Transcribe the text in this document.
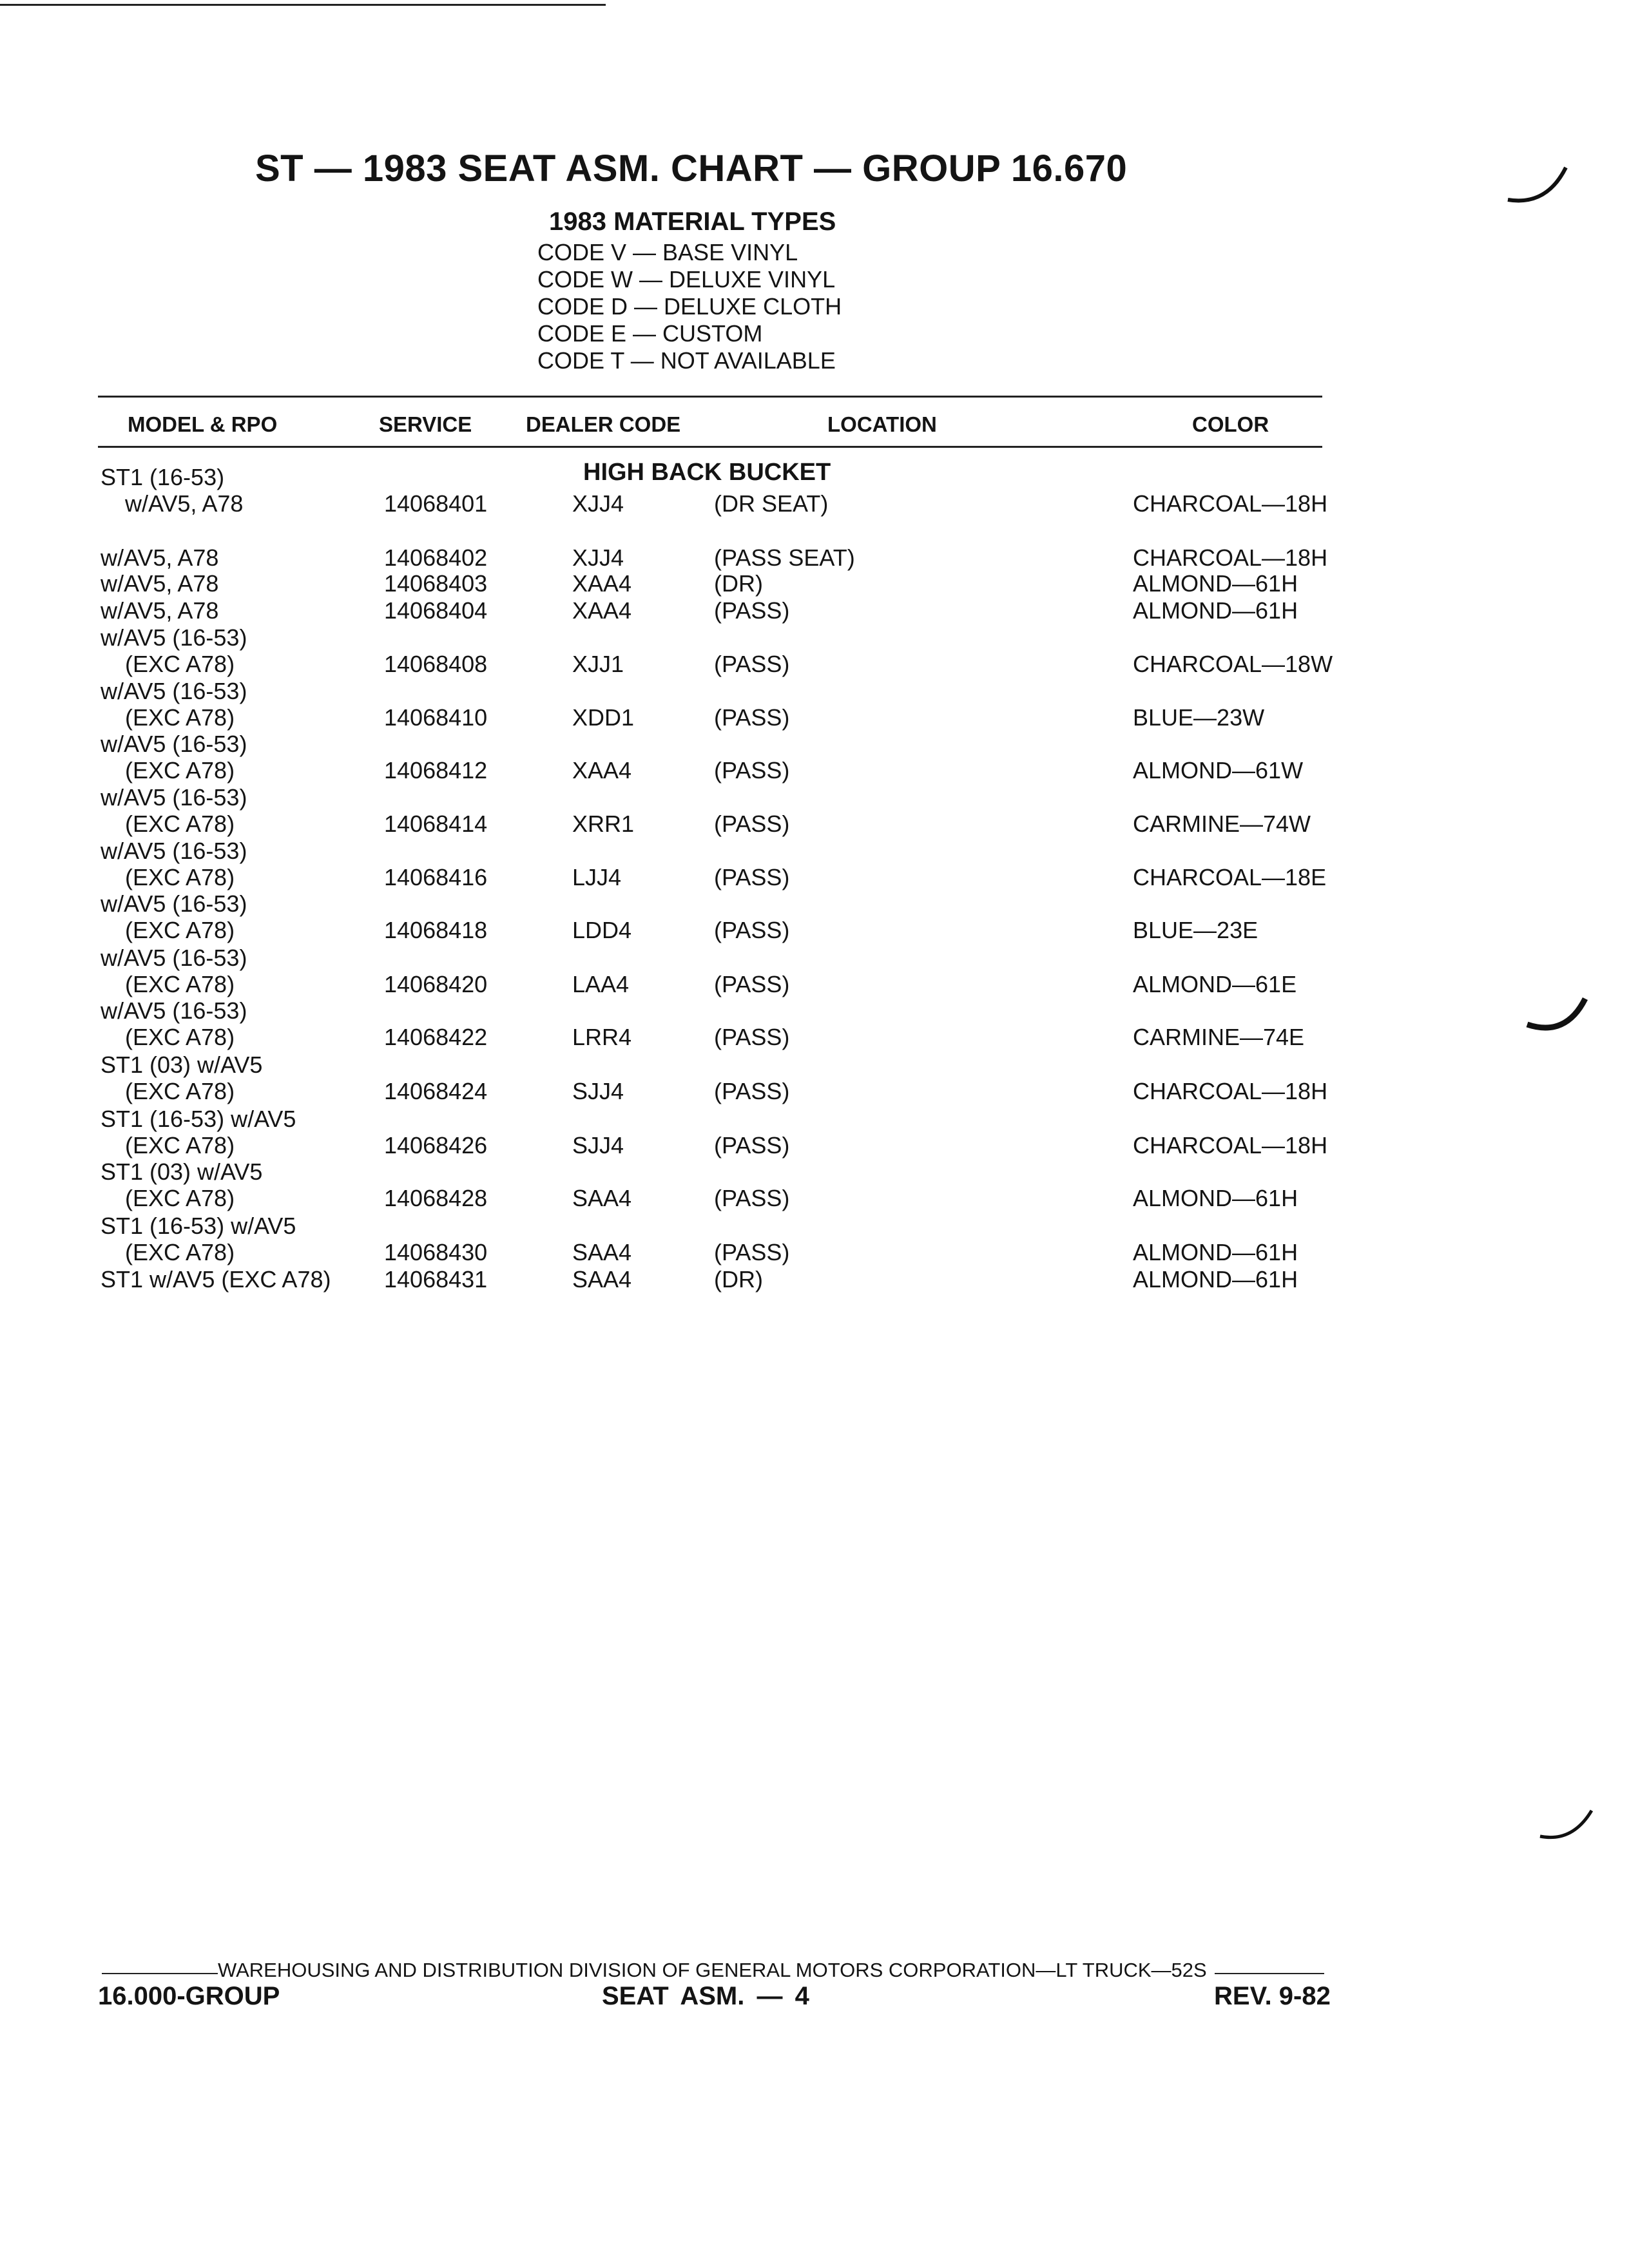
ST — 1983 SEAT ASM. CHART — GROUP 16.670
1983 MATERIAL TYPES
CODE V — BASE VINYL
CODE W — DELUXE VINYL
CODE D — DELUXE CLOTH
CODE E — CUSTOM
CODE T — NOT AVAILABLE
MODEL & RPO	SERVICE	DEALER CODE	LOCATION	COLOR
HIGH BACK BUCKET
ST1 (16-53)
w/AV5, A78	14068401	XJJ4	(DR SEAT)	CHARCOAL—18H
w/AV5, A78	14068402	XJJ4	(PASS SEAT)	CHARCOAL—18H
w/AV5, A78	14068403	XAA4	(DR)	ALMOND—61H
w/AV5, A78	14068404	XAA4	(PASS)	ALMOND—61H
w/AV5 (16-53)
(EXC A78)	14068408	XJJ1	(PASS)	CHARCOAL—18W
w/AV5 (16-53)
(EXC A78)	14068410	XDD1	(PASS)	BLUE—23W
w/AV5 (16-53)
(EXC A78)	14068412	XAA4	(PASS)	ALMOND—61W
w/AV5 (16-53)
(EXC A78)	14068414	XRR1	(PASS)	CARMINE—74W
w/AV5 (16-53)
(EXC A78)	14068416	LJJ4	(PASS)	CHARCOAL—18E
w/AV5 (16-53)
(EXC A78)	14068418	LDD4	(PASS)	BLUE—23E
w/AV5 (16-53)
(EXC A78)	14068420	LAA4	(PASS)	ALMOND—61E
w/AV5 (16-53)
(EXC A78)	14068422	LRR4	(PASS)	CARMINE—74E
ST1 (03) w/AV5
(EXC A78)	14068424	SJJ4	(PASS)	CHARCOAL—18H
ST1 (16-53) w/AV5
(EXC A78)	14068426	SJJ4	(PASS)	CHARCOAL—18H
ST1 (03) w/AV5
(EXC A78)	14068428	SAA4	(PASS)	ALMOND—61H
ST1 (16-53) w/AV5
(EXC A78)	14068430	SAA4	(PASS)	ALMOND—61H
ST1 w/AV5 (EXC A78) 14068431	SAA4	(DR)	ALMOND—61H
WAREHOUSING AND DISTRIBUTION DIVISION OF GENERAL MOTORS CORPORATION—LT TRUCK—52S
16.000-GROUP	SEAT ASM. — 4	REV. 9-82
